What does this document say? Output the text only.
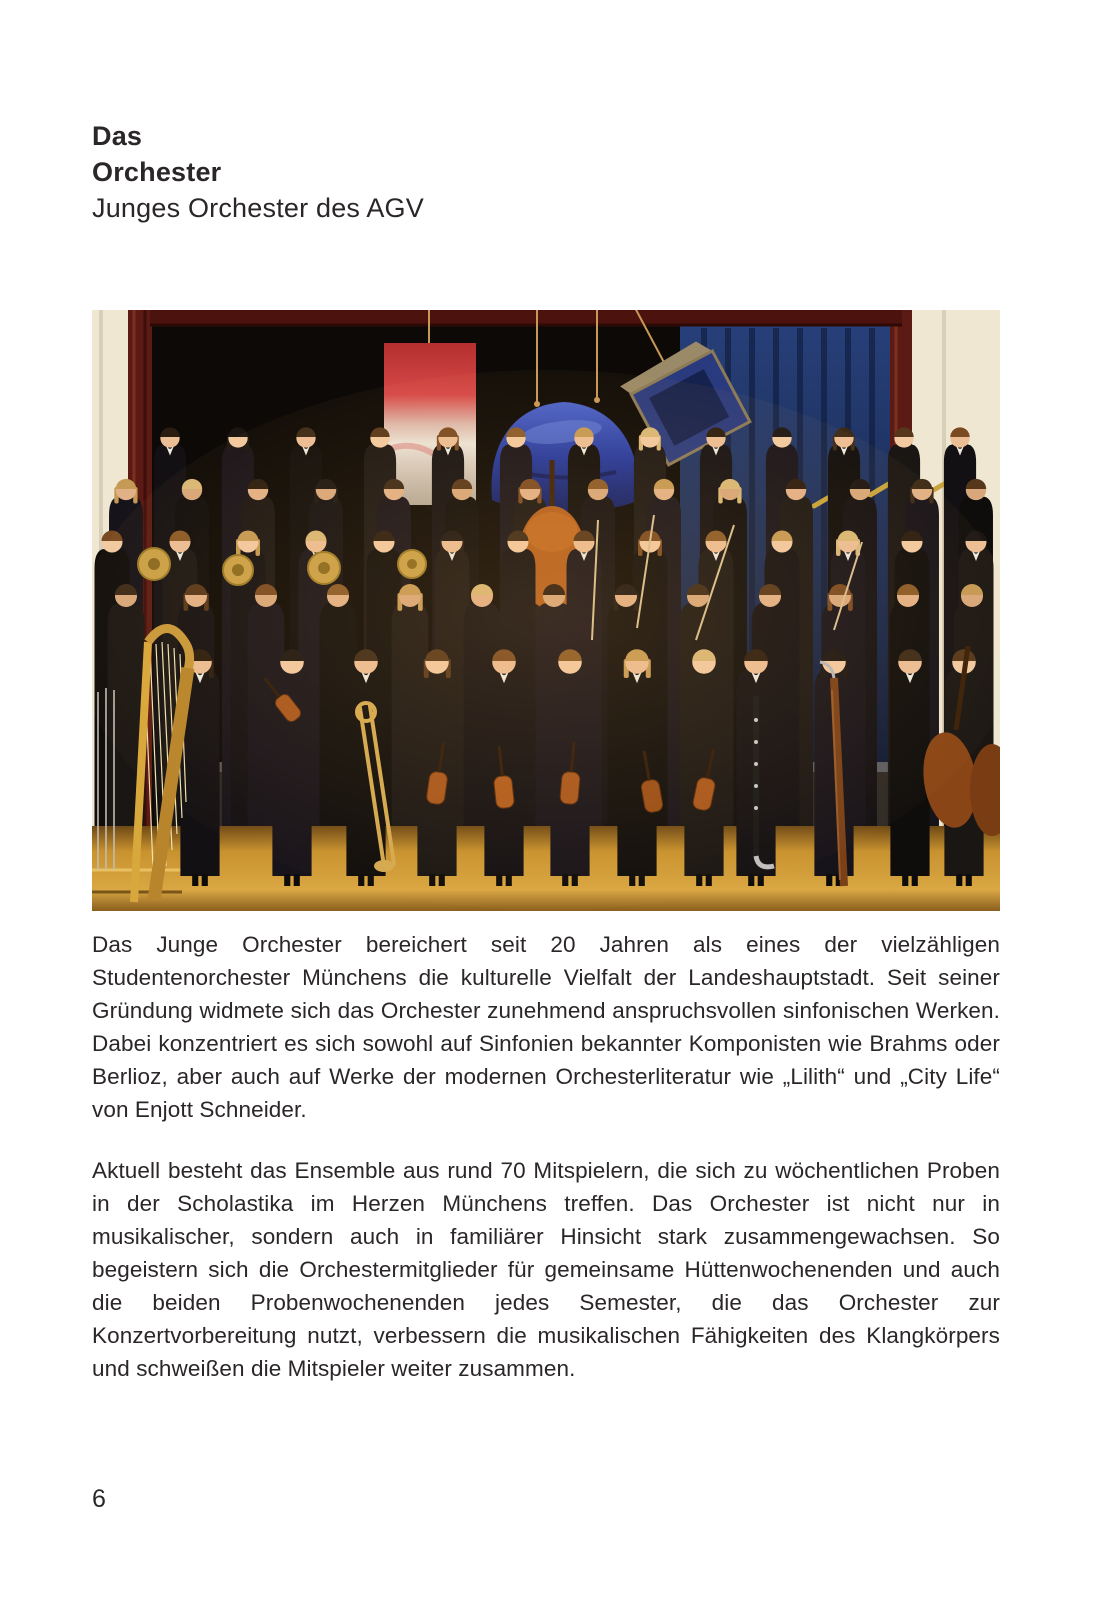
Das
Orchester
Junges Orchester des AGV

Das Junge Orchester bereichert seit 20 Jahren als eines der vielzähligen Studentenorchester Münchens die kulturelle Vielfalt der Landeshauptstadt. Seit seiner Gründung widmete sich das Orchester zunehmend anspruchsvollen sinfonischen Werken. Dabei konzentriert es sich sowohl auf Sinfonien bekannter Komponisten wie Brahms oder Berlioz, aber auch auf Werke der modernen Orchesterliteratur wie „Lilith“ und „City Life“ von Enjott Schneider.

Aktuell besteht das Ensemble aus rund 70 Mitspielern, die sich zu wöchentlichen Proben in der Scholastika im Herzen Münchens treffen. Das Orchester ist nicht nur in musikalischer, sondern auch in familiärer Hinsicht stark zusammengewachsen. So begeistern sich die Orchestermitglieder für gemeinsame Hüttenwochenenden und auch die beiden Probenwochenenden jedes Semester, die das Orchester zur Konzertvorbereitung nutzt, verbessern die musikalischen Fähigkeiten des Klangkörpers und schweißen die Mitspieler weiter zusammen.

6
